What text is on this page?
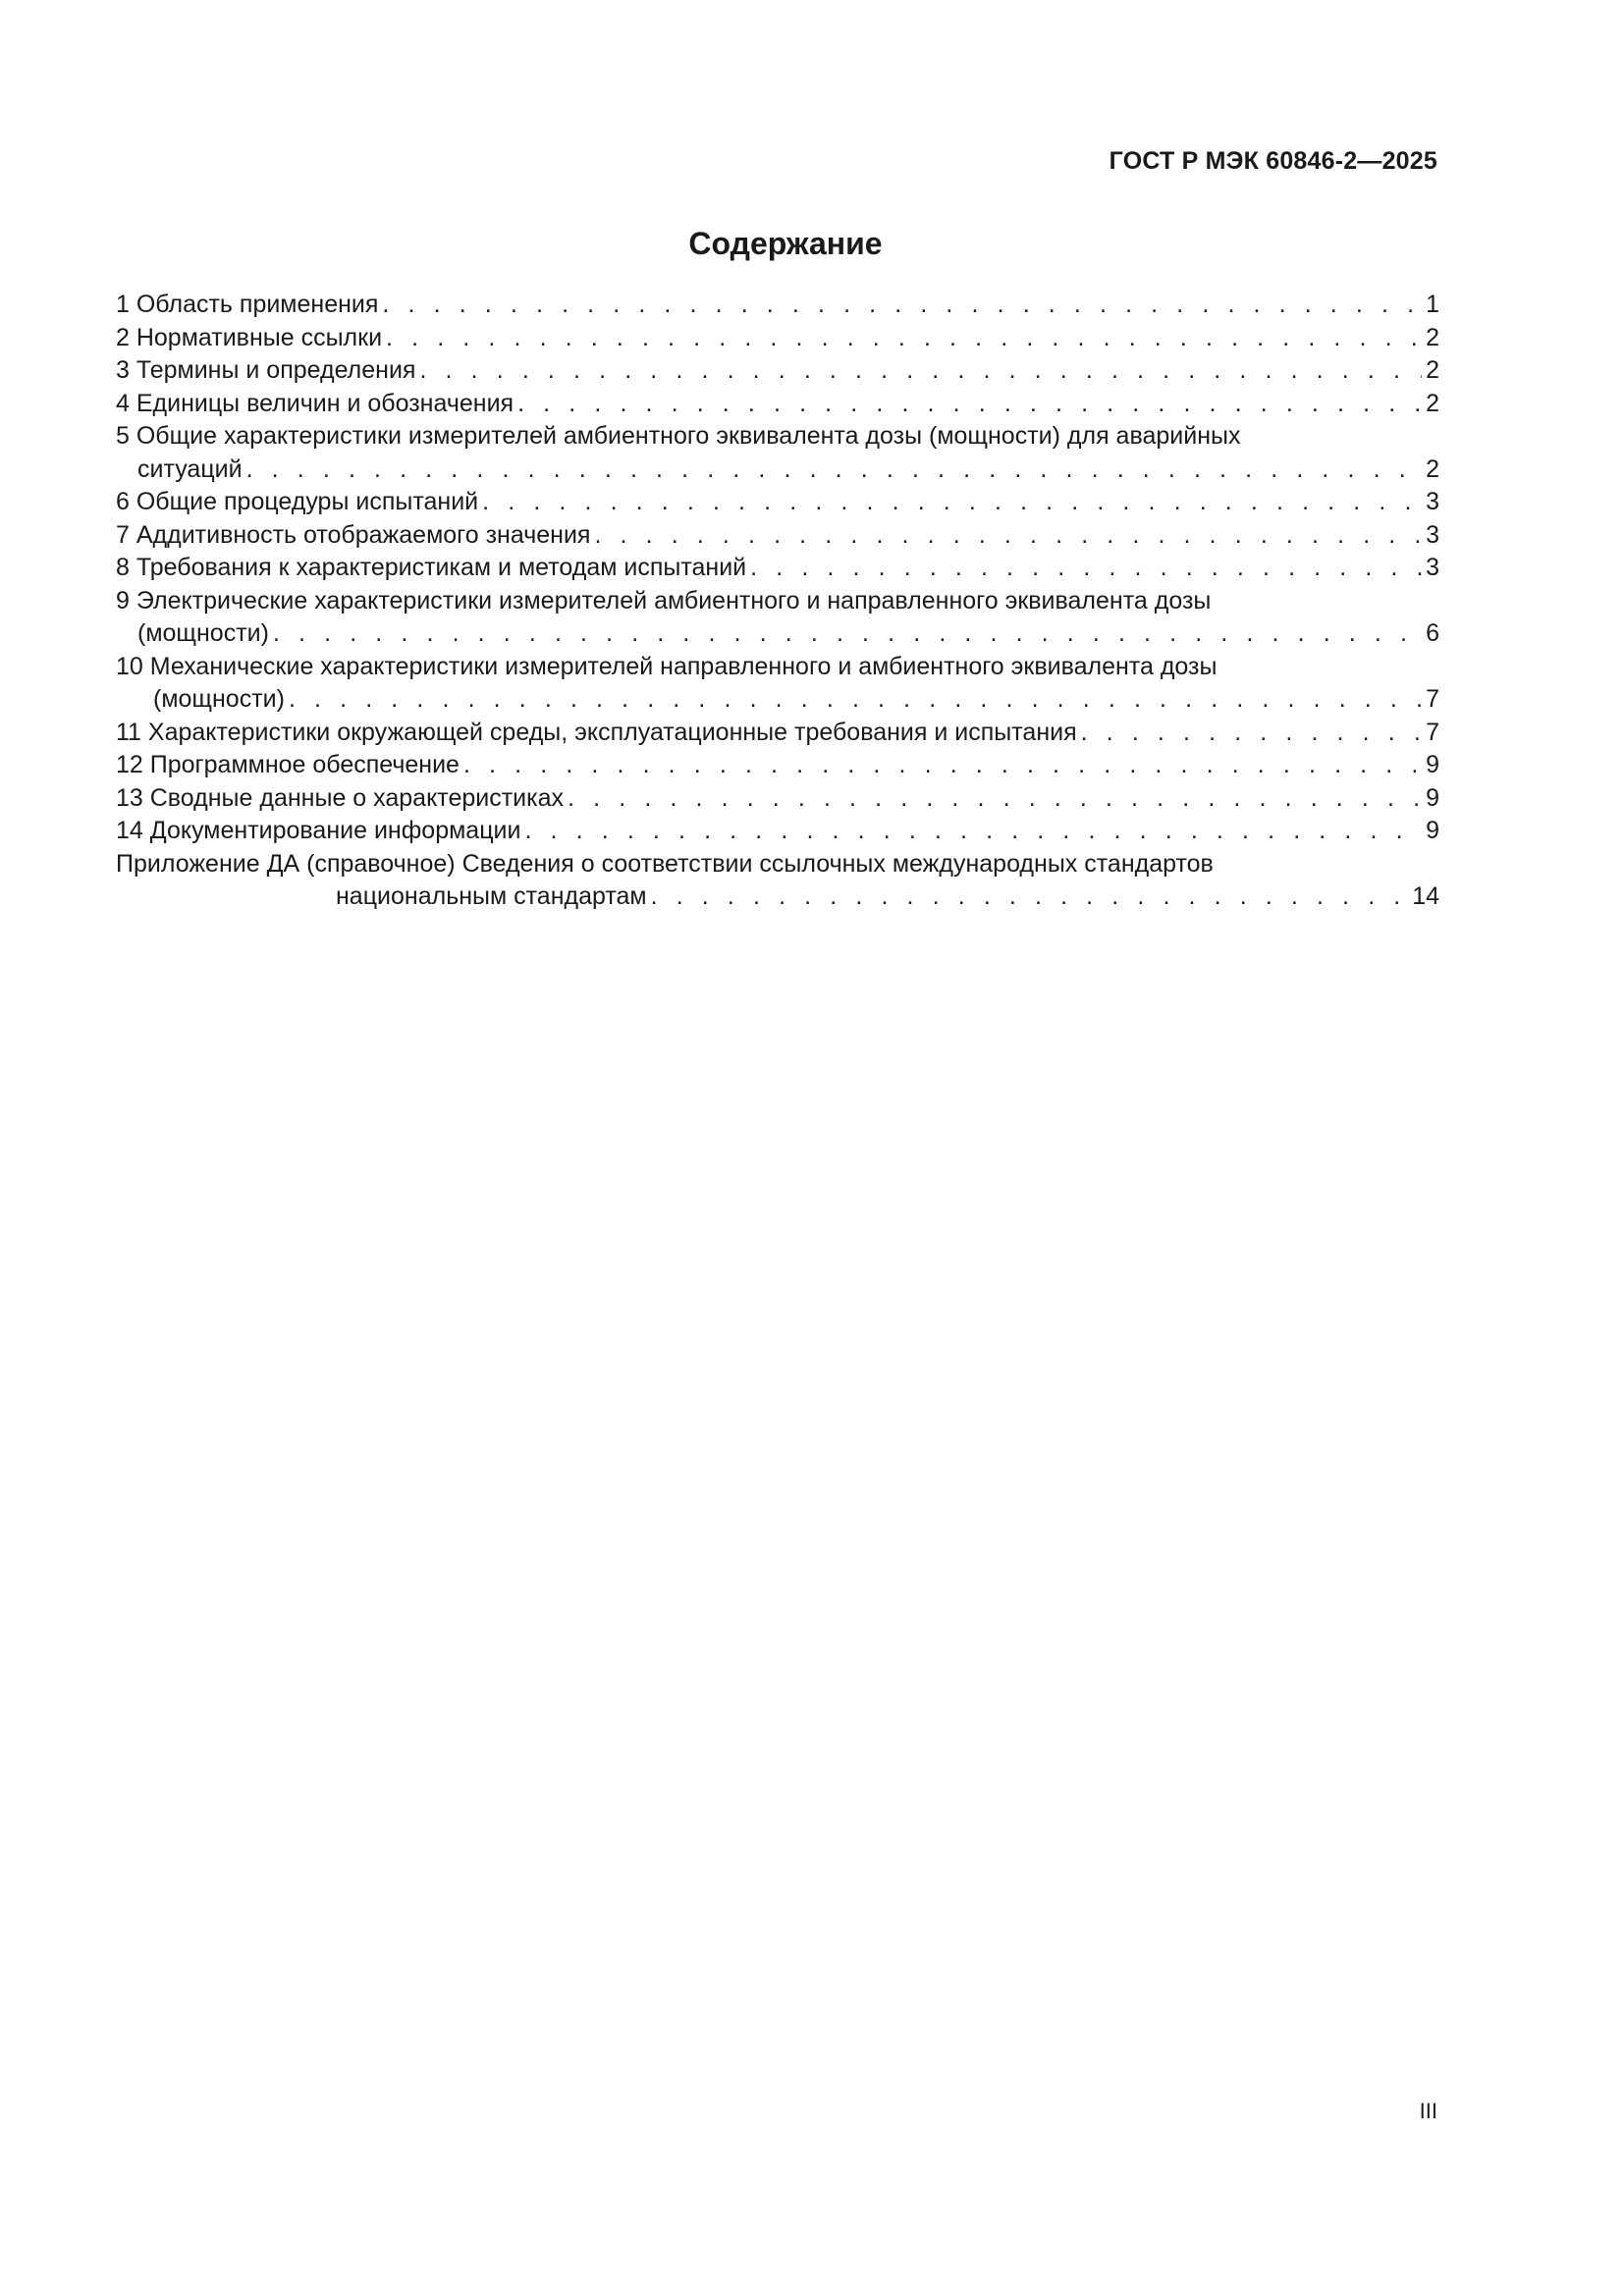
ГОСТ Р МЭК 60846-2—2025
Содержание
1 Область применения . . .	1
2 Нормативные ссылки . . .	2
3 Термины и определения . . .	2
4 Единицы величин и обозначения . . .	2
5 Общие характеристики измерителей амбиентного эквивалента дозы (мощности) для аварийных
ситуаций . . .	2
6 Общие процедуры испытаний . . .	3
7 Аддитивность отображаемого значения . . .	3
8 Требования к характеристикам и методам испытаний . . .	3
9 Электрические характеристики измерителей амбиентного и направленного эквивалента дозы
(мощности) . . .	6
10 Механические характеристики измерителей направленного и амбиентного эквивалента дозы
(мощности) . . .	7
11 Характеристики окружающей среды, эксплуатационные требования и испытания . . .	7
12 Программное обеспечение . . .	9
13 Сводные данные о характеристиках . . .	9
14 Документирование информации . . .	9
Приложение ДА (справочное) Сведения о соответствии ссылочных международных стандартов
национальным стандартам . . .	14
III
